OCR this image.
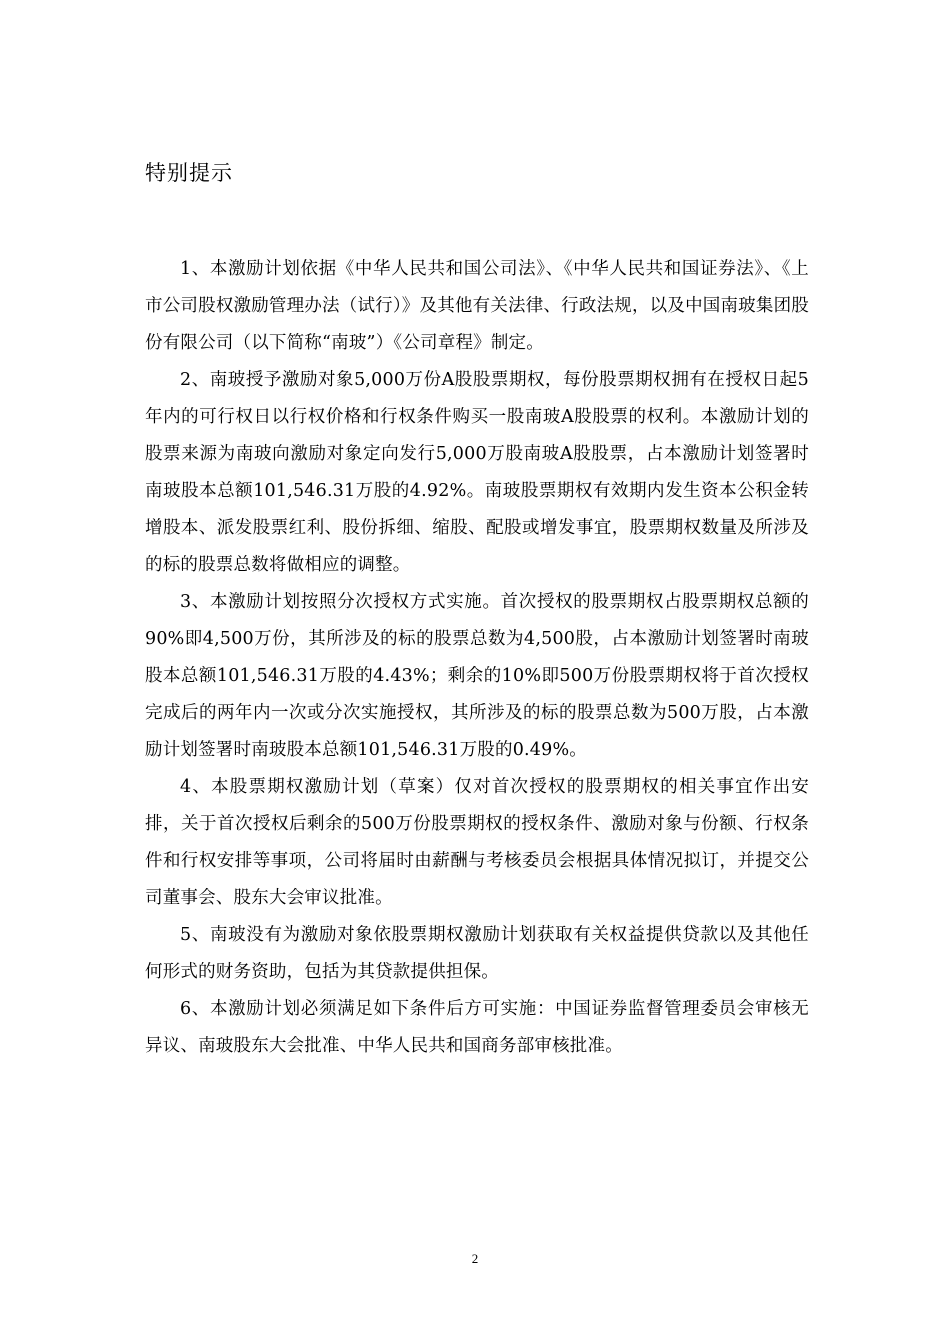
特别提示

1、本激励计划依据《中华人民共和国公司法》、《中华人民共和国证券法》、《上市公司股权激励管理办法（试行）》及其他有关法律、行政法规，以及中国南玻集团股份有限公司（以下简称“南玻”）《公司章程》制定。

2、南玻授予激励对象5,000万份A股股票期权，每份股票期权拥有在授权日起5年内的可行权日以行权价格和行权条件购买一股南玻A股股票的权利。本激励计划的股票来源为南玻向激励对象定向发行5,000万股南玻A股股票，占本激励计划签署时南玻股本总额101,546.31万股的4.92%。南玻股票期权有效期内发生资本公积金转增股本、派发股票红利、股份拆细、缩股、配股或增发事宜，股票期权数量及所涉及的标的股票总数将做相应的调整。

3、本激励计划按照分次授权方式实施。首次授权的股票期权占股票期权总额的90%即4,500万份，其所涉及的标的股票总数为4,500股，占本激励计划签署时南玻股本总额101,546.31万股的4.43%；剩余的10%即500万份股票期权将于首次授权完成后的两年内一次或分次实施授权，其所涉及的标的股票总数为500万股，占本激励计划签署时南玻股本总额101,546.31万股的0.49%。

4、本股票期权激励计划（草案）仅对首次授权的股票期权的相关事宜作出安排，关于首次授权后剩余的500万份股票期权的授权条件、激励对象与份额、行权条件和行权安排等事项，公司将届时由薪酬与考核委员会根据具体情况拟订，并提交公司董事会、股东大会审议批准。

5、南玻没有为激励对象依股票期权激励计划获取有关权益提供贷款以及其他任何形式的财务资助，包括为其贷款提供担保。

6、本激励计划必须满足如下条件后方可实施：中国证券监督管理委员会审核无异议、南玻股东大会批准、中华人民共和国商务部审核批准。

2
